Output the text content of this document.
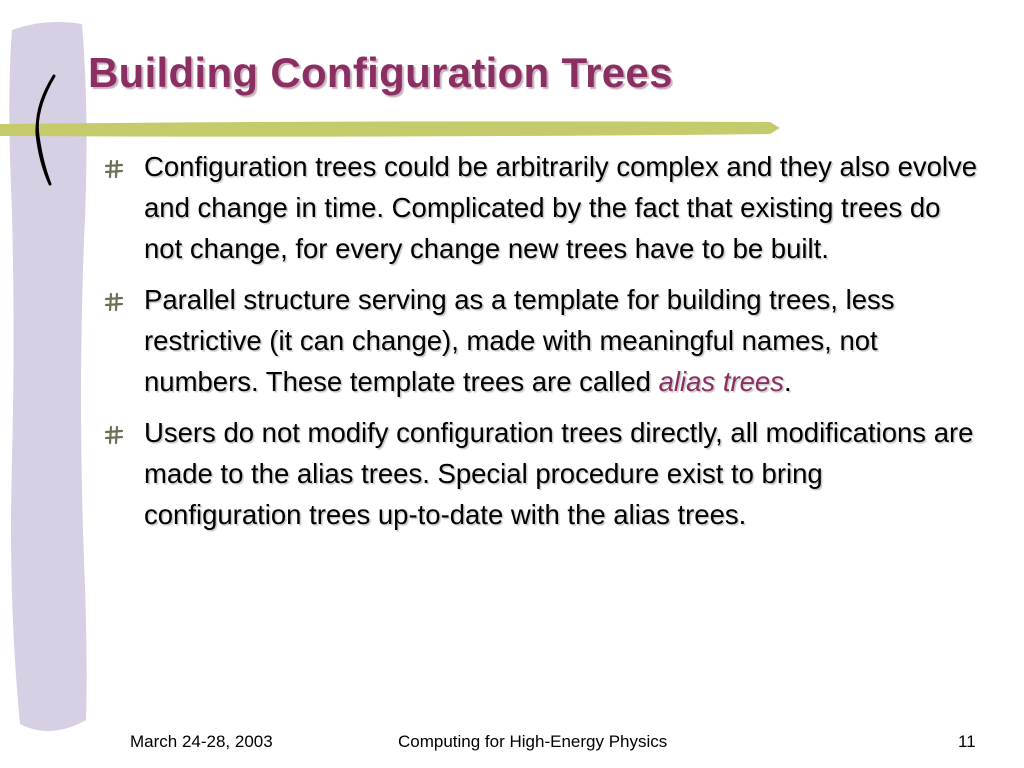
Building Configuration Trees
Configuration trees could be arbitrarily complex and they also evolve and change in time. Complicated by the fact that existing trees do not change, for every change new trees have to be built.
Parallel structure serving as a template for building trees, less restrictive (it can change), made with meaningful names, not numbers. These template trees are called alias trees.
Users do not modify configuration trees directly, all modifications are made to the alias trees. Special procedure exist to bring configuration trees up-to-date with the alias trees.
March 24-28, 2003	Computing for High-Energy Physics	11
